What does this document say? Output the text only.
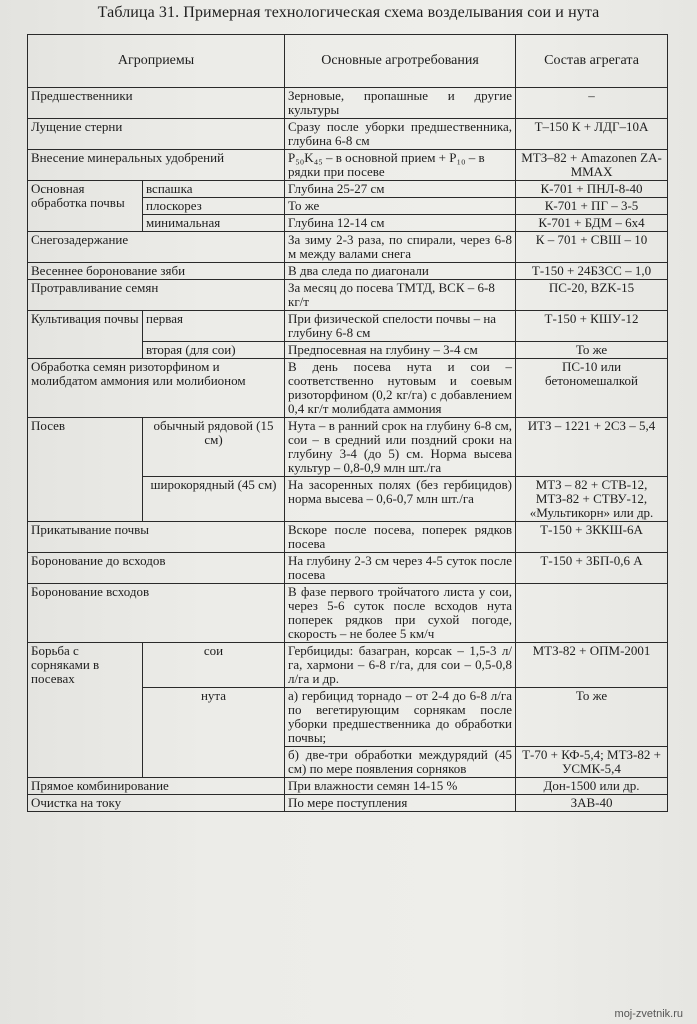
Таблица 31. Примерная технологическая схема возделывания сои и нута
Агроприемы		Основные агротребования	Состав агрегата
Предшественники		Зерновые, пропашные и другие культуры	–
Лущение стерни		Сразу после уборки предшественника, глубина 6-8 см	Т–150 К + ЛДГ–10А
Внесение минеральных удобрений		P₅₀K₄₅ – в основной прием + P₁₀ – в рядки при посеве	МТЗ–82 + Amazonen ZA-MMAX
Основная обработка почвы	вспашка	Глубина 25-27 см	К-701 + ПНЛ-8-40
	плоскорез	То же	К-701 + ПГ – 3-5
	минимальная	Глубина 12-14 см	К-701 + БДМ – 6х4
Снегозадержание		За зиму 2-3 раза, по спирали, через 6-8 м между валами снега	К – 701 + СВШ – 10
Весеннее боронование зяби		В два следа по диагонали	Т-150 + 24БЗСС – 1,0
Протравливание семян		За месяц до посева ТМТД, ВСК – 6-8 кг/т	ПС-20, BZK-15
Культивация почвы	первая	При физической спелости почвы – на глубину 6-8 см	Т-150 + КШУ-12
	вторая (для сои)	Предпосевная на глубину – 3-4 см	То же
Обработка семян ризоторфином и молибдатом аммония или молибионом		В день посева нута и сои – соответственно нутовым и соевым ризоторфином (0,2 кг/га) с добавлением 0,4 кг/т молибдата аммония	ПС-10 или бетономешалкой
Посев	обычный рядовой (15 см)	Нута – в ранний срок на глубину 6-8 см, сои – в средний или поздний сроки на глубину 3-4 (до 5) см. Норма высева культур – 0,8-0,9 млн шт./га	ИТЗ – 1221 + 2СЗ – 5,4
	широкорядный (45 см)	На засоренных полях (без гербицидов) норма высева – 0,6-0,7 млн шт./га	МТЗ – 82 + СТВ-12, МТЗ-82 + СТВУ-12, «Мультикорн» или др.
Прикатывание почвы		Вскоре после посева, поперек рядков посева	Т-150 + 3ККШ-6А
Боронование до всходов		На глубину 2-3 см через 4-5 суток после посева	Т-150 + 3БП-0,6 А
Боронование всходов		В фазе первого тройчатого листа у сои, через 5-6 суток после всходов нута поперек рядков при сухой погоде, скорость – не более 5 км/ч	
Борьба с сорняками в посевах	сои	Гербициды: базагран, корсак – 1,5-3 л/га, хармони – 6-8 г/га, для сои – 0,5-0,8 л/га и др.	МТЗ-82 + ОПМ-2001
	нута	а) гербицид торнадо – от 2-4 до 6-8 л/га по вегетирующим сорнякам после уборки предшественника до обработки почвы;	То же
		б) две-три обработки междурядий (45 см) по мере появления сорняков	Т-70 + КФ-5,4; МТЗ-82 + УСМК-5,4
Прямое комбинирование		При влажности семян 14-15 %	Дон-1500 или др.
Очистка на току		По мере поступления	ЗАВ-40
moj-zvetnik.ru
